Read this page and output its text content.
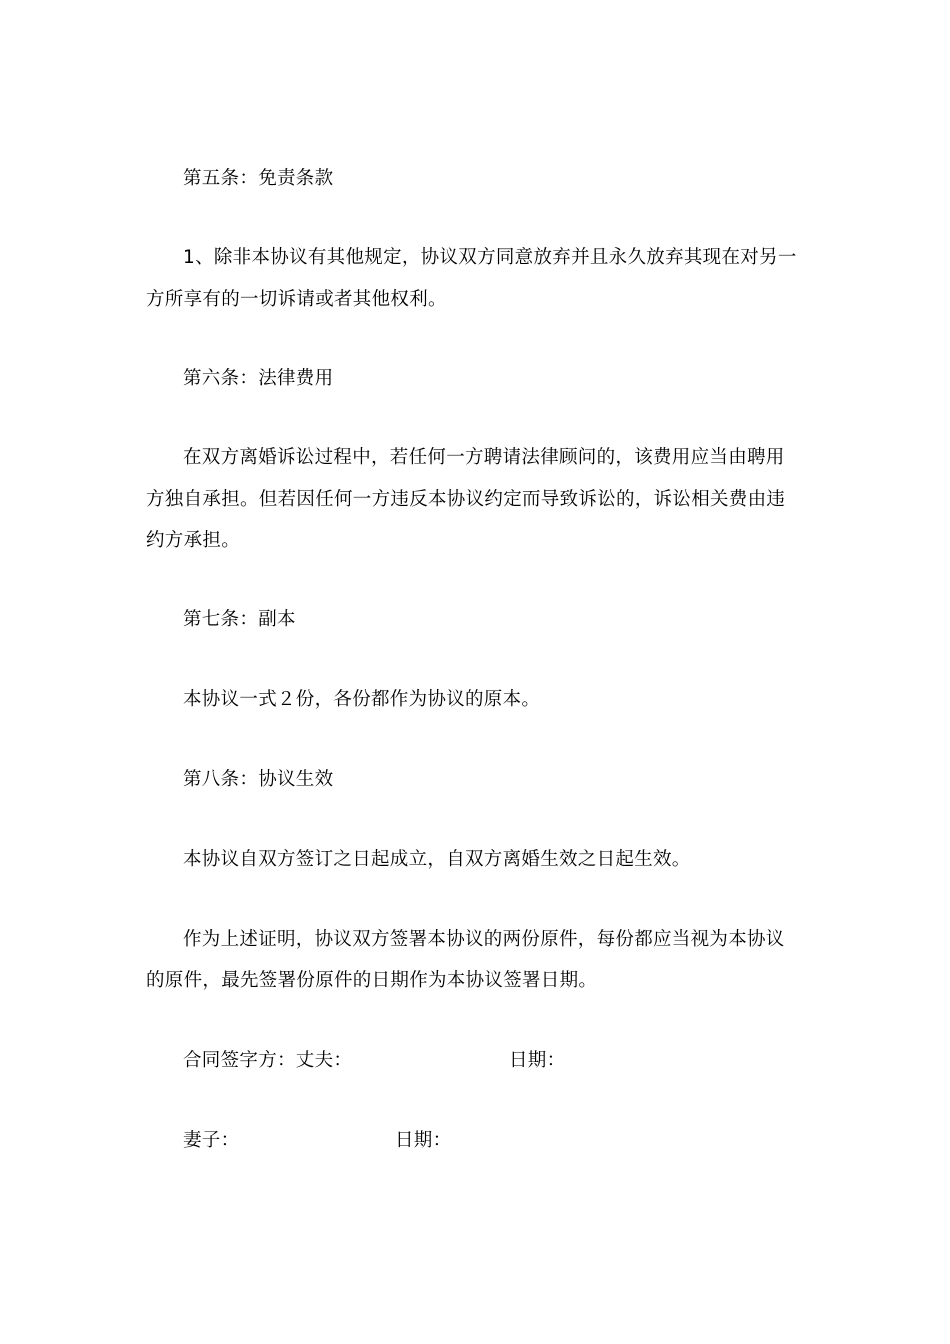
第五条：免责条款
1、除非本协议有其他规定，协议双方同意放弃并且永久放弃其现在对另一
方所享有的一切诉请或者其他权利。
第六条：法律费用
在双方离婚诉讼过程中，若任何一方聘请法律顾问的，该费用应当由聘用
方独自承担。但若因任何一方违反本协议约定而导致诉讼的，诉讼相关费由违
约方承担。
第七条：副本
本协议一式２份，各份都作为协议的原本。
第八条：协议生效
本协议自双方签订之日起成立，自双方离婚生效之日起生效。
作为上述证明，协议双方签署本协议的两份原件，每份都应当视为本协议
的原件，最先签署份原件的日期作为本协议签署日期。
合同签字方：丈夫：	日期：
妻子：	日期：
